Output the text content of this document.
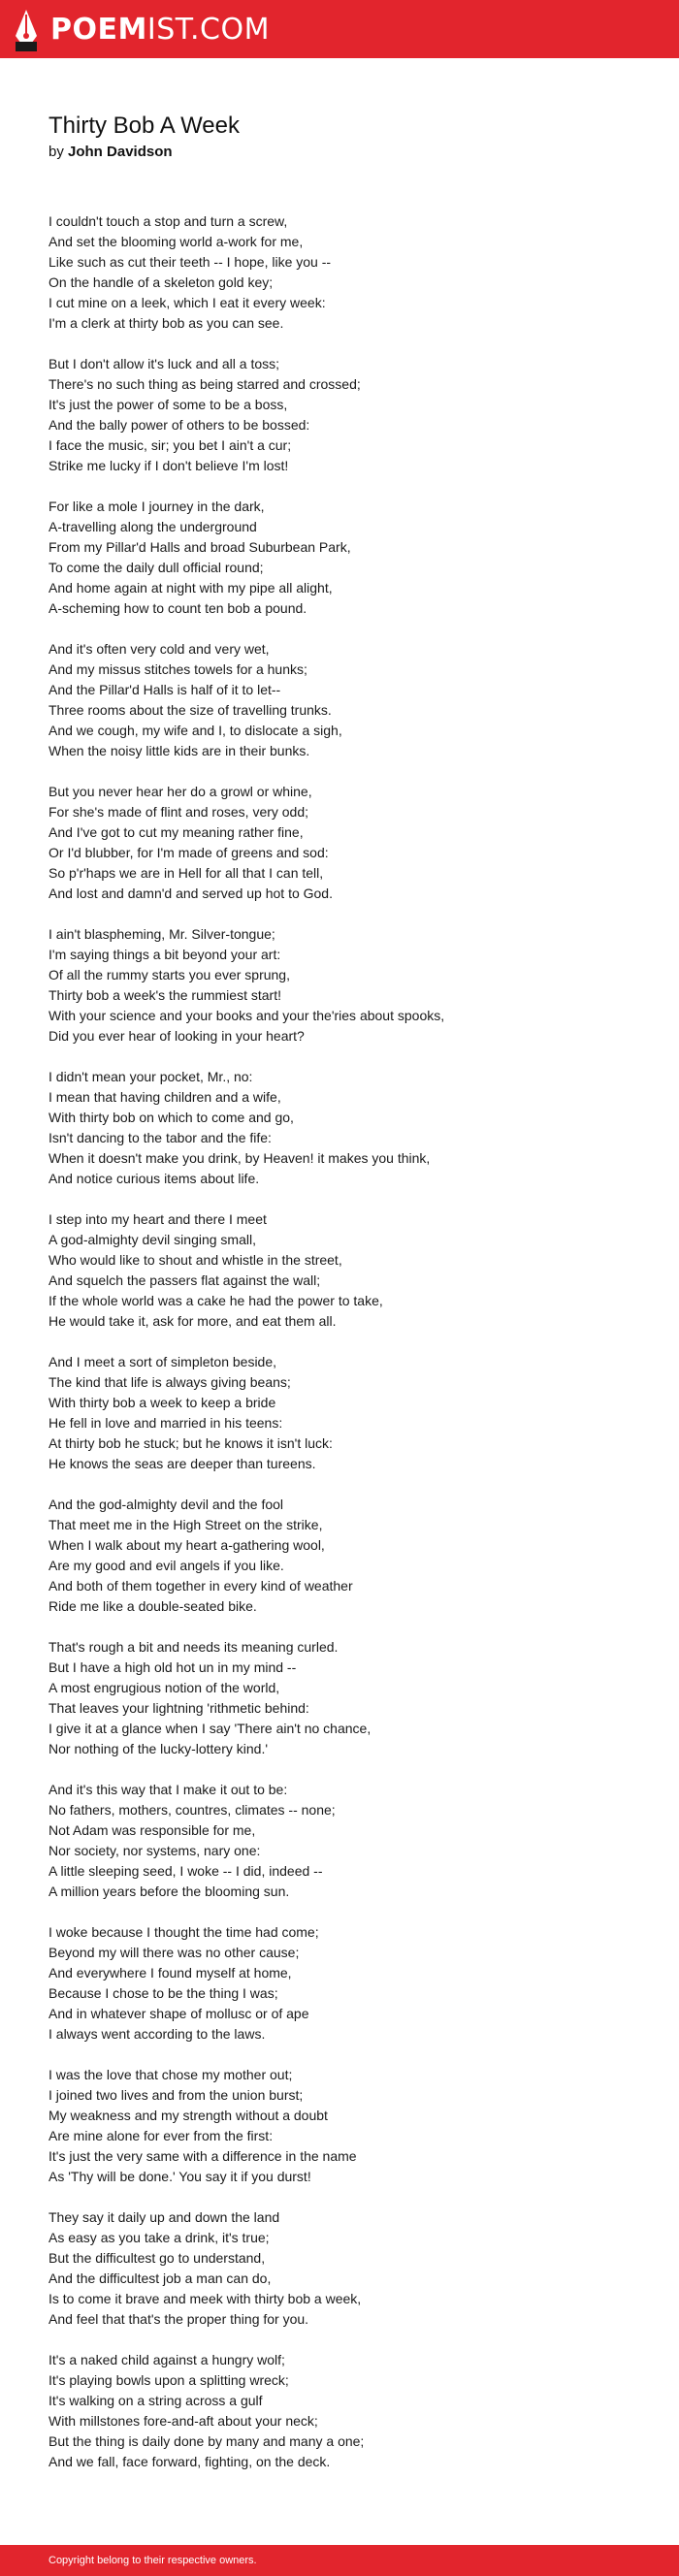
POEMIST.COM
Thirty Bob A Week
by John Davidson
I couldn't touch a stop and turn a screw,
And set the blooming world a-work for me,
Like such as cut their teeth -- I hope, like you --
On the handle of a skeleton gold key;
I cut mine on a leek, which I eat it every week:
I'm a clerk at thirty bob as you can see.
But I don't allow it's luck and all a toss;
There's no such thing as being starred and crossed;
It's just the power of some to be a boss,
And the bally power of others to be bossed:
I face the music, sir; you bet I ain't a cur;
Strike me lucky if I don't believe I'm lost!
For like a mole I journey in the dark,
A-travelling along the underground
From my Pillar'd Halls and broad Suburbean Park,
To come the daily dull official round;
And home again at night with my pipe all alight,
A-scheming how to count ten bob a pound.
And it's often very cold and very wet,
And my missus stitches towels for a hunks;
And the Pillar'd Halls is half of it to let--
Three rooms about the size of travelling trunks.
And we cough, my wife and I, to dislocate a sigh,
When the noisy little kids are in their bunks.
But you never hear her do a growl or whine,
For she's made of flint and roses, very odd;
And I've got to cut my meaning rather fine,
Or I'd blubber, for I'm made of greens and sod:
So p'r'haps we are in Hell for all that I can tell,
And lost and damn'd and served up hot to God.
I ain't blaspheming, Mr. Silver-tongue;
I'm saying things a bit beyond your art:
Of all the rummy starts you ever sprung,
Thirty bob a week's the rummiest start!
With your science and your books and your the'ries about spooks,
Did you ever hear of looking in your heart?
I didn't mean your pocket, Mr., no:
I mean that having children and a wife,
With thirty bob on which to come and go,
Isn't dancing to the tabor and the fife:
When it doesn't make you drink, by Heaven! it makes you think,
And notice curious items about life.
I step into my heart and there I meet
A god-almighty devil singing small,
Who would like to shout and whistle in the street,
And squelch the passers flat against the wall;
If the whole world was a cake he had the power to take,
He would take it, ask for more, and eat them all.
And I meet a sort of simpleton beside,
The kind that life is always giving beans;
With thirty bob a week to keep a bride
He fell in love and married in his teens:
At thirty bob he stuck; but he knows it isn't luck:
He knows the seas are deeper than tureens.
And the god-almighty devil and the fool
That meet me in the High Street on the strike,
When I walk about my heart a-gathering wool,
Are my good and evil angels if you like.
And both of them together in every kind of weather
Ride me like a double-seated bike.
That's rough a bit and needs its meaning curled.
But I have a high old hot un in my mind --
A most engrugious notion of the world,
That leaves your lightning 'rithmetic behind:
I give it at a glance when I say 'There ain't no chance,
Nor nothing of the lucky-lottery kind.'
And it's this way that I make it out to be:
No fathers, mothers, countres, climates -- none;
Not Adam was responsible for me,
Nor society, nor systems, nary one:
A little sleeping seed, I woke -- I did, indeed --
A million years before the blooming sun.
I woke because I thought the time had come;
Beyond my will there was no other cause;
And everywhere I found myself at home,
Because I chose to be the thing I was;
And in whatever shape of mollusc or of ape
I always went according to the laws.
I was the love that chose my mother out;
I joined two lives and from the union burst;
My weakness and my strength without a doubt
Are mine alone for ever from the first:
It's just the very same with a difference in the name
As 'Thy will be done.' You say it if you durst!
They say it daily up and down the land
As easy as you take a drink, it's true;
But the difficultest go to understand,
And the difficultest job a man can do,
Is to come it brave and meek with thirty bob a week,
And feel that that's the proper thing for you.
It's a naked child against a hungry wolf;
It's playing bowls upon a splitting wreck;
It's walking on a string across a gulf
With millstones fore-and-aft about your neck;
But the thing is daily done by many and many a one;
And we fall, face forward, fighting, on the deck.
Copyright belong to their respective owners.
